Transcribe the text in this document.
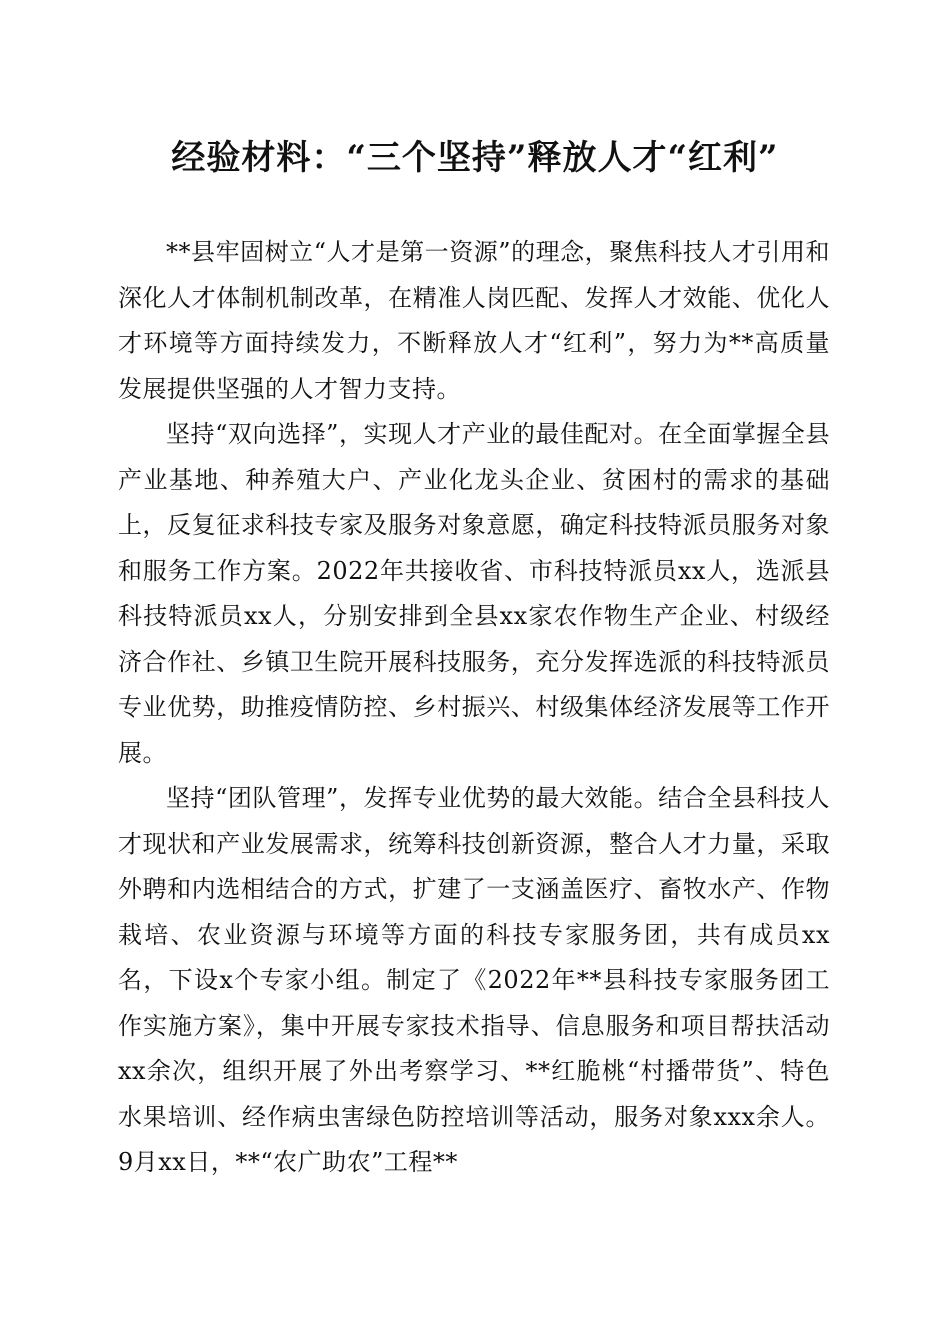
经验材料：“三个坚持”释放人才“红利”

**县牢固树立“人才是第一资源”的理念，聚焦科技人才引用和深化人才体制机制改革，在精准人岗匹配、发挥人才效能、优化人才环境等方面持续发力，不断释放人才“红利”，努力为**高质量发展提供坚强的人才智力支持。

坚持“双向选择”，实现人才产业的最佳配对。在全面掌握全县产业基地、种养殖大户、产业化龙头企业、贫困村的需求的基础上，反复征求科技专家及服务对象意愿，确定科技特派员服务对象和服务工作方案。2022年共接收省、市科技特派员xx人，选派县科技特派员xx人，分别安排到全县xx家农作物生产企业、村级经济合作社、乡镇卫生院开展科技服务，充分发挥选派的科技特派员专业优势，助推疫情防控、乡村振兴、村级集体经济发展等工作开展。

坚持“团队管理”，发挥专业优势的最大效能。结合全县科技人才现状和产业发展需求，统筹科技创新资源，整合人才力量，采取外聘和内选相结合的方式，扩建了一支涵盖医疗、畜牧水产、作物栽培、农业资源与环境等方面的科技专家服务团，共有成员xx名，下设x个专家小组。制定了《2022年**县科技专家服务团工作实施方案》，集中开展专家技术指导、信息服务和项目帮扶活动xx余次，组织开展了外出考察学习、**红脆桃“村播带货”、特色水果培训、经作病虫害绿色防控培训等活动，服务对象xxx余人。9月xx日，**“农广助农”工程**
